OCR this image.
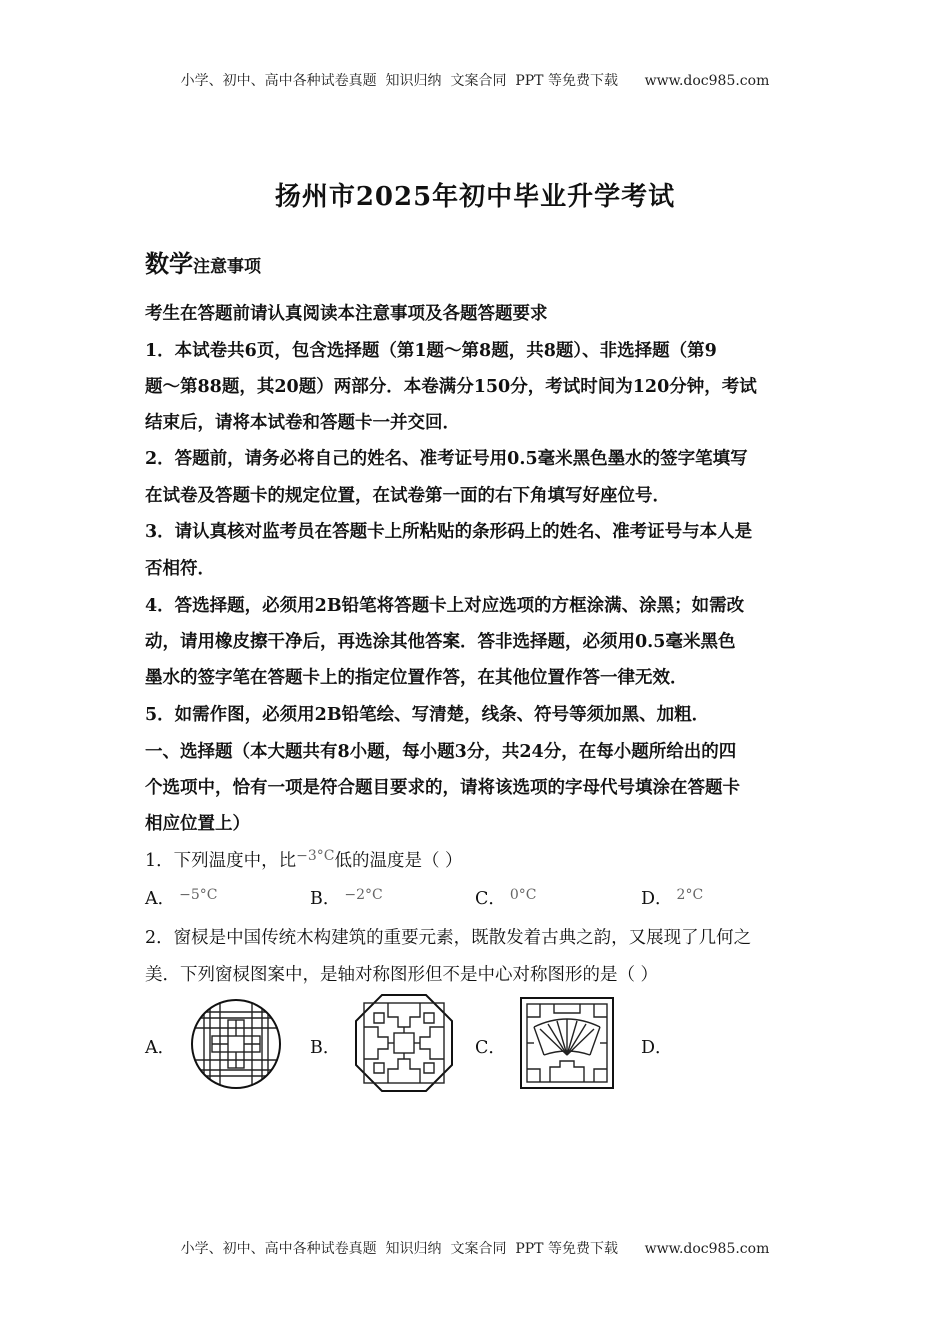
小学、初中、高中各种试卷真题  知识归纳  文案合同  PPT 等免费下载      www.doc985.com
扬州市2025年初中毕业升学考试
数学注意事项
考生在答题前请认真阅读本注意事项及各题答题要求
1．本试卷共6页，包含选择题（第1题～第8题，共8题）、非选择题（第9
题～第88题，其20题）两部分．本卷满分150分，考试时间为120分钟，考试
结束后，请将本试卷和答题卡一并交回．
2．答题前，请务必将自己的姓名、准考证号用0.5毫米黑色墨水的签字笔填写
在试卷及答题卡的规定位置，在试卷第一面的右下角填写好座位号．
3．请认真核对监考员在答题卡上所粘贴的条形码上的姓名、准考证号与本人是
否相符．
4．答选择题，必须用2B铅笔将答题卡上对应选项的方框涂满、涂黑；如需改
动，请用橡皮擦干净后，再选涂其他答案．答非选择题，必须用0.5毫米黑色
墨水的签字笔在答题卡上的指定位置作答，在其他位置作答一律无效．
5．如需作图，必须用2B铅笔绘、写清楚，线条、符号等须加黑、加粗．
一、选择题（本大题共有8小题，每小题3分，共24分，在每小题所给出的四
个选项中，恰有一项是符合题目要求的，请将该选项的字母代号填涂在答题卡
相应位置上）
1．下列温度中，比$^{-3^\circ C}$低的温度是（ ）
A． $^{-5^\circ C}$	B． $^{-2^\circ C}$	C． $^{0^\circ C}$	D． $^{2^\circ C}$
2．窗棂是中国传统木构建筑的重要元素，既散发着古典之韵，又展现了几何之
美．下列窗棂图案中，是轴对称图形但不是中心对称图形的是（ ）
A．	B．	C．	D．
小学、初中、高中各种试卷真题  知识归纳  文案合同  PPT 等免费下载      www.doc985.com
